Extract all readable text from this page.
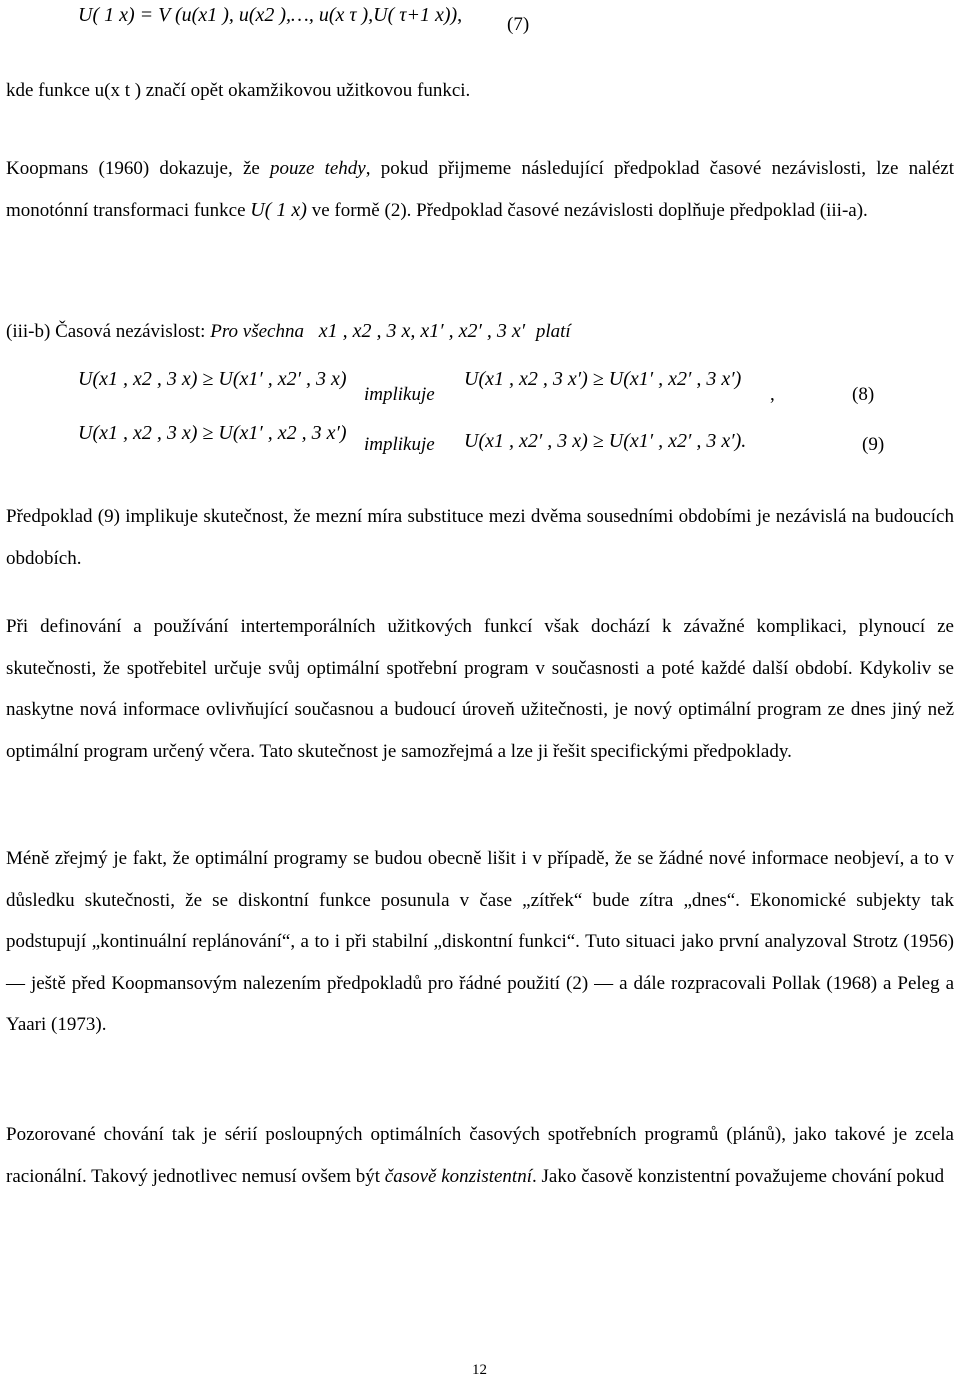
U( 1 x) = V (u(x1 ), u(x2 ),…, u(x τ ),U( τ+1 x)), (7)
kde funkce u(x t ) značí opět okamžikovou užitkovou funkci.
Koopmans (1960) dokazuje, že pouze tehdy, pokud přijmeme následující předpoklad časové nezávislosti, lze nalézt monotónní transformaci funkce U( 1 x) ve formě (2). Předpoklad časové nezávislosti doplňuje předpoklad (iii-a).
(iii-b) Časová nezávislost: Pro všechna x1 , x2 , 3 x, x1′ , x2′ , 3 x′ platí
U(x1 , x2 , 3 x) ≥ U(x1′ , x2′ , 3 x)
implikuje
U(x1 , x2 , 3 x′) ≥ U(x1′ , x2′ , 3 x′)
,	(8)
U(x1 , x2 , 3 x) ≥ U(x1′ , x2 , 3 x′)
implikuje U(x1 , x2′ , 3 x) ≥ U(x1′ , x2′ , 3 x′).	(9)
Předpoklad (9) implikuje skutečnost, že mezní míra substituce mezi dvěma sousedními obdobími je nezávislá na budoucích obdobích.
Při definování a používání intertemporálních užitkových funkcí však dochází k závažné komplikaci, plynoucí ze skutečnosti, že spotřebitel určuje svůj optimální spotřební program v současnosti a poté každé další období. Kdykoliv se naskytne nová informace ovlivňující současnou a budoucí úroveň užitečnosti, je nový optimální program ze dnes jiný než optimální program určený včera. Tato skutečnost je samozřejmá a lze ji řešit specifickými předpoklady.
Méně zřejmý je fakt, že optimální programy se budou obecně lišit i v případě, že se žádné nové informace neobjeví, a to v důsledku skutečnosti, že se diskontní funkce posunula v čase „zítřek“ bude zítra „dnes“. Ekonomické subjekty tak podstupují „kontinuální replánování“, a to i při stabilní „diskontní funkci“. Tuto situaci jako první analyzoval Strotz (1956) — ještě před Koopmansovým nalezením předpokladů pro řádné použití (2) — a dále rozpracovali Pollak (1968) a Peleg a Yaari (1973).
Pozorované chování tak je sérií posloupných optimálních časových spotřebních programů (plánů), jako takové je zcela racionální. Takový jednotlivec nemusí ovšem být časově konzistentní. Jako časově konzistentní považujeme chování pokud
12
